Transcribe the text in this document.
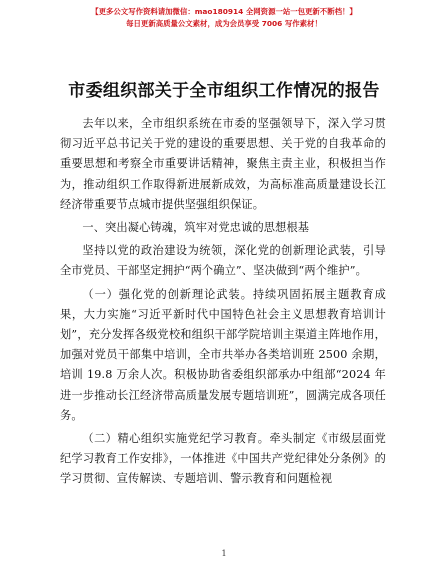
【更多公文写作资料请加微信：mao180914 全网资源一站一包更新不断档！】
每日更新高质量公文素材，成为会员享受 7006 写作素材！
市委组织部关于全市组织工作情况的报告

去年以来，全市组织系统在市委的坚强领导下，深入学习贯彻习近平总书记关于党的建设的重要思想、关于党的自我革命的重要思想和考察全市重要讲话精神，聚焦主责主业，积极担当作为，推动组织工作取得新进展新成效，为高标准高质量建设长江经济带重要节点城市提供坚强组织保证。

一、突出凝心铸魂，筑牢对党忠诚的思想根基

坚持以党的政治建设为统领，深化党的创新理论武装，引导全市党员、干部坚定拥护“两个确立”、坚决做到“两个维护”。

（一）强化党的创新理论武装。持续巩固拓展主题教育成果，大力实施“习近平新时代中国特色社会主义思想教育培训计划”，充分发挥各级党校和组织干部学院培训主渠道主阵地作用，加强对党员干部集中培训，全市共举办各类培训班 2500 余期，培训 19.8 万余人次。积极协助省委组织部承办中组部“2024 年进一步推动长江经济带高质量发展专题培训班”，圆满完成各项任务。

（二）精心组织实施党纪学习教育。牵头制定《市级层面党纪学习教育工作安排》，一体推进《中国共产党纪律处分条例》的学习贯彻、宣传解读、专题培训、警示教育和问题检视

1
